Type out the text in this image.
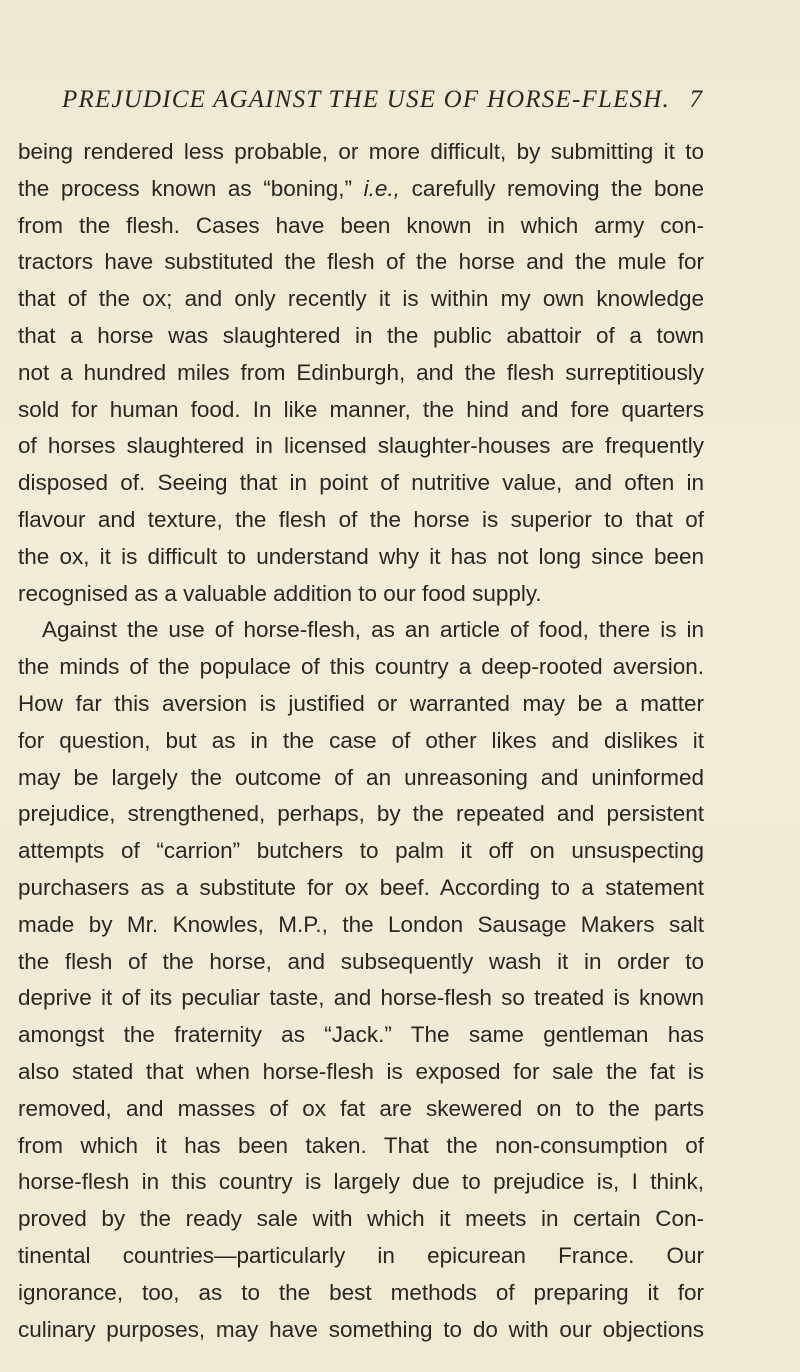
PREJUDICE AGAINST THE USE OF HORSE-FLESH. 7
being rendered less probable, or more difficult, by submitting it to
the process known as “boning,” i.e., carefully removing the bone
from the flesh. Cases have been known in which army con-
tractors have substituted the flesh of the horse and the mule for
that of the ox; and only recently it is within my own knowledge
that a horse was slaughtered in the public abattoir of a town
not a hundred miles from Edinburgh, and the flesh surreptitiously
sold for human food. In like manner, the hind and fore quarters
of horses slaughtered in licensed slaughter-houses are frequently
disposed of. Seeing that in point of nutritive value, and often in
flavour and texture, the flesh of the horse is superior to that of
the ox, it is difficult to understand why it has not long since been
recognised as a valuable addition to our food supply.
Against the use of horse-flesh, as an article of food, there is in
the minds of the populace of this country a deep-rooted aversion.
How far this aversion is justified or warranted may be a matter
for question, but as in the case of other likes and dislikes it
may be largely the outcome of an unreasoning and uninformed
prejudice, strengthened, perhaps, by the repeated and persistent
attempts of “carrion” butchers to palm it off on unsuspecting
purchasers as a substitute for ox beef. According to a statement
made by Mr. Knowles, M.P., the London Sausage Makers salt
the flesh of the horse, and subsequently wash it in order to
deprive it of its peculiar taste, and horse-flesh so treated is known
amongst the fraternity as “Jack.” The same gentleman has
also stated that when horse-flesh is exposed for sale the fat is
removed, and masses of ox fat are skewered on to the parts
from which it has been taken. That the non-consumption of
horse-flesh in this country is largely due to prejudice is, I think,
proved by the ready sale with which it meets in certain Con-
tinental countries—particularly in epicurean France. Our
ignorance, too, as to the best methods of preparing it for
culinary purposes, may have something to do with our objections
